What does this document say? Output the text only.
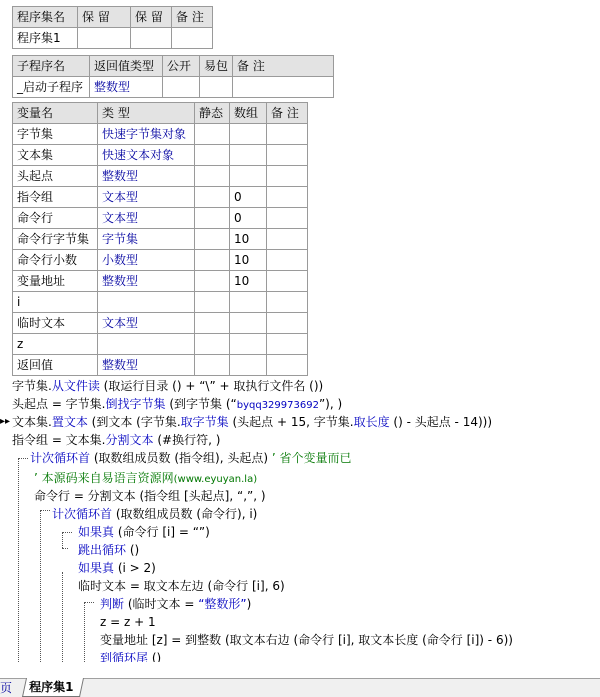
程序集名	保 留	保 留	备 注
程序集1			
子程序名	返回值类型	公开	易包	备 注
_启动子程序	整数型			
变量名	类 型	静态	数组	备 注
字节集	快速字节集对象			
文本集	快速文本对象			
头起点	整数型			
指令组	文本型		0	
命令行	文本型		0	
命令行字节集	字节集		10	
命令行小数	小数型		10	
变量地址	整数型		10	
i				
临时文本	文本型			
z				
返回值	整数型			
字节集.从文件读 (取运行目录 () + “\” + 取执行文件名 ())
头起点 = 字节集.倒找字节集 (到字节集 (“byqq329973692”), )
▸▸ 文本集.置文本 (到文本 (字节集.取字节集 (头起点 + 15, 字节集.取长度 () - 头起点 - 14)))
指令组 = 文本集.分割文本 (#换行符, )
计次循环首 (取数组成员数 (指令组), 头起点) ’ 省个变量而已
’ 本源码来自易语言资源网(www.eyuyan.la)
命令行 = 分割文本 (指令组 [头起点], “,”, )
计次循环首 (取数组成员数 (命令行), i)
如果真 (命令行 [i] = “”)
跳出循环 ()
如果真 (i > 2)
临时文本 = 取文本左边 (命令行 [i], 6)
判断 (临时文本 = “整数形”)
z = z + 1
变量地址 [z] = 到整数 (取文本右边 (命令行 [i], 取文本长度 (命令行 [i]) - 6))
到循环尾 ()
页	程序集1
